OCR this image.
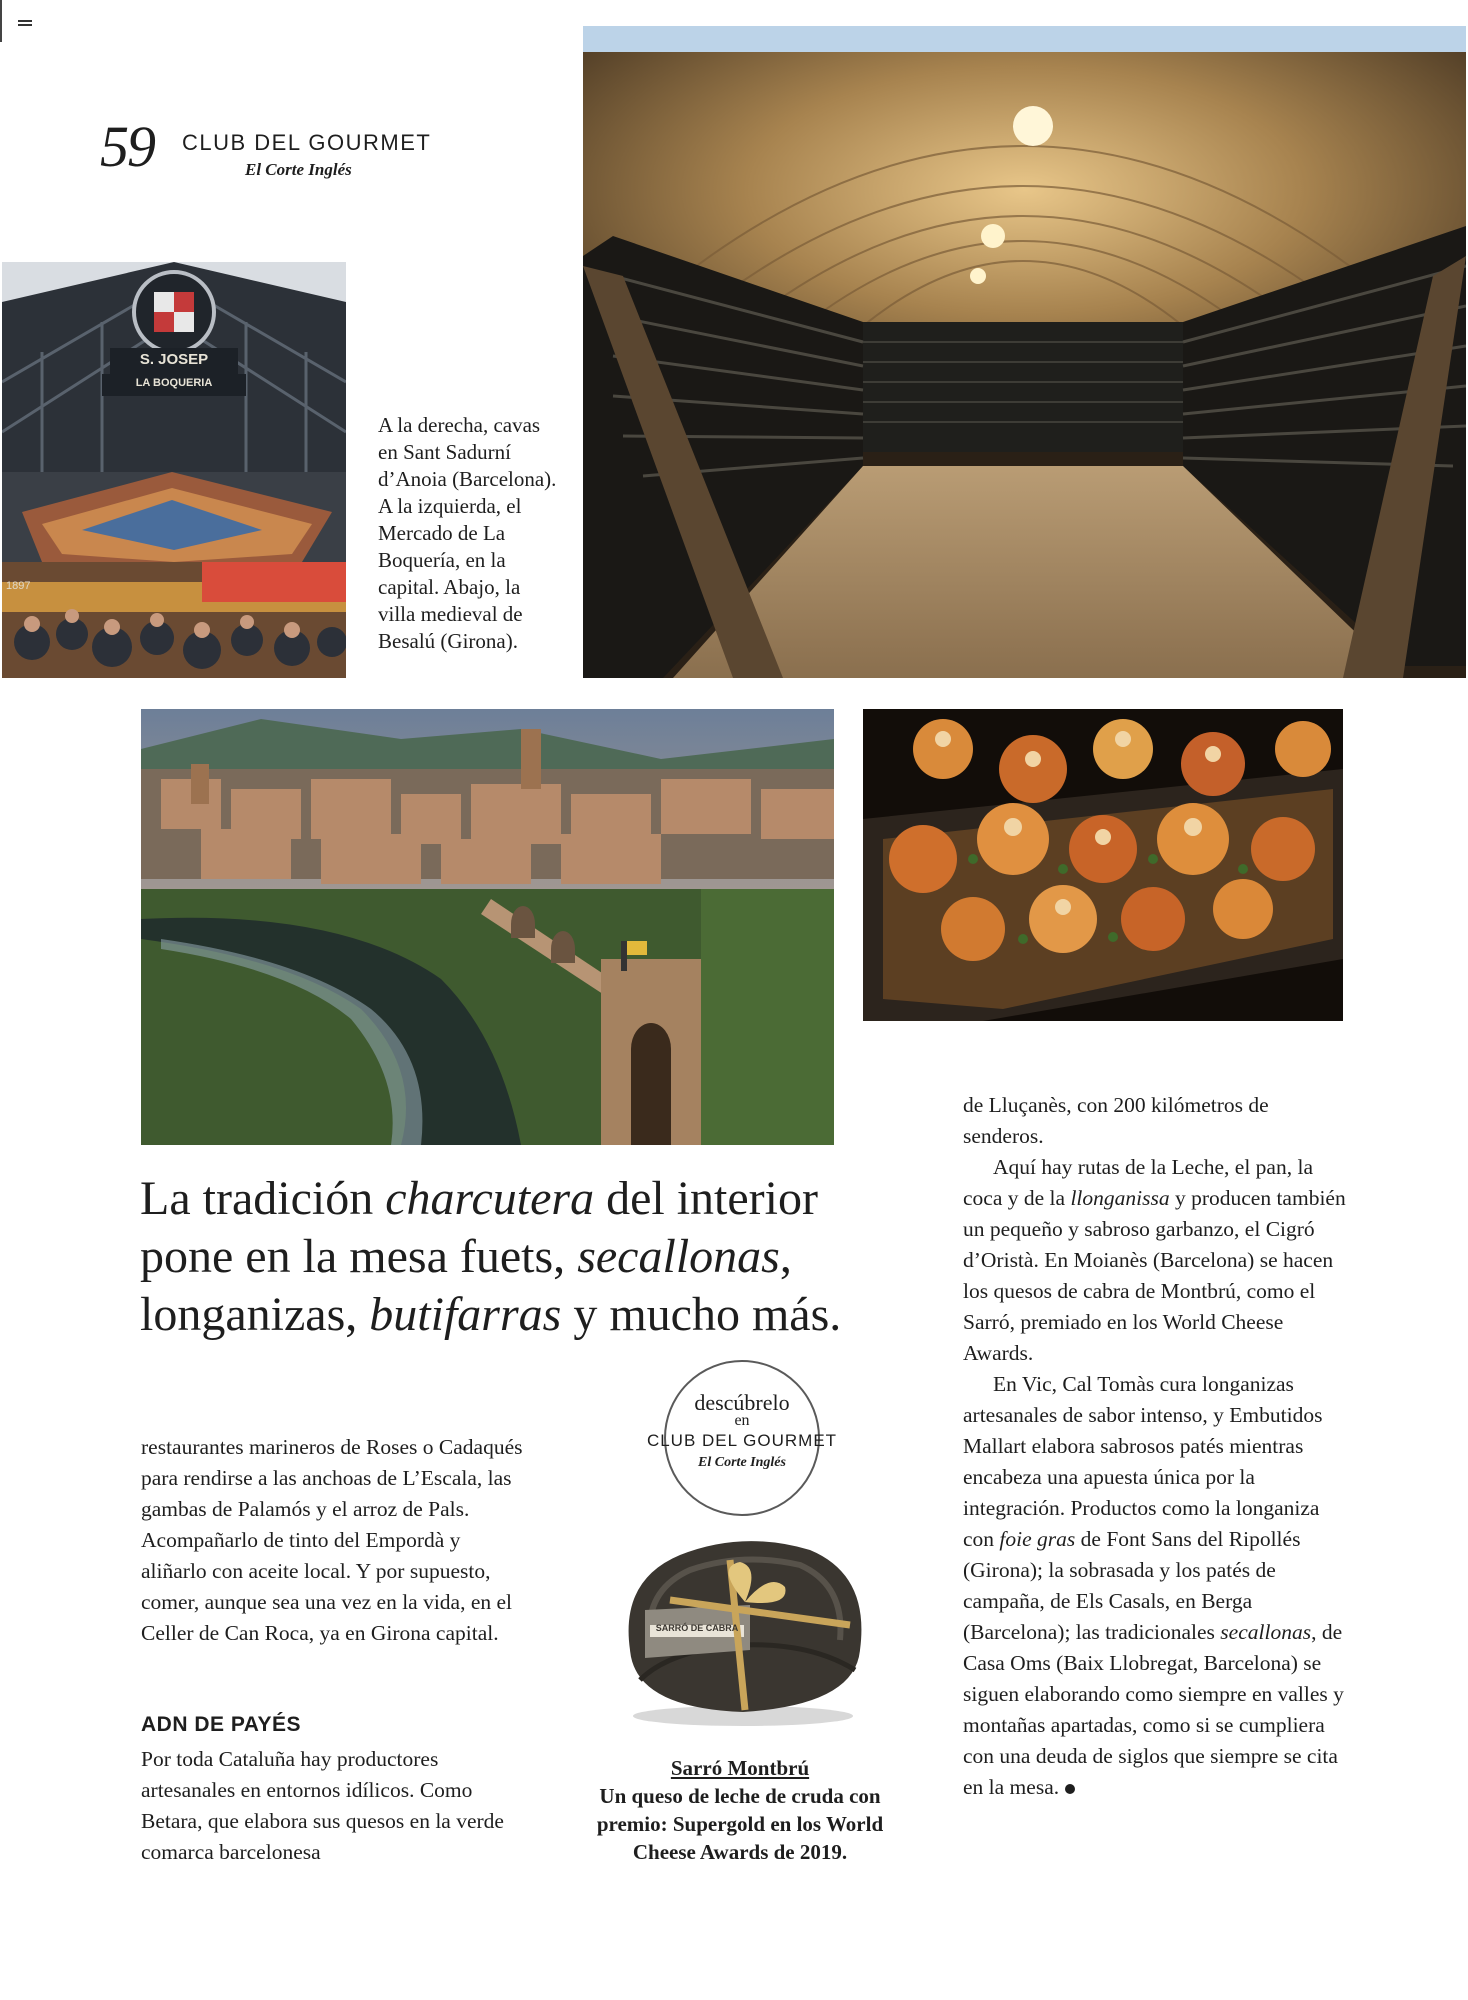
59 CLUB DEL GOURMET
El Corte Inglés
S. JOSEP
LA BOQUERIA
1897
A la derecha, cavas en Sant Sadurní d’Anoia (Barcelona). A la izquierda, el Mercado de La Boquería, en la capital. Abajo, la villa medieval de Besalú (Girona).
La tradición charcutera del interior pone en la mesa fuets, secallonas, longanizas, butifarras y mucho más.

restaurantes marineros de Roses o Cadaqués para rendirse a las anchoas de L’Escala, las gambas de Palamós y el arroz de Pals. Acompañarlo de tinto del Empordà y aliñarlo con aceite local. Y por supuesto, comer, aunque sea una vez en la vida, en el Celler de Can Roca, ya en Girona capital.

ADN DE PAYÉS

Por toda Cataluña hay productores artesanales en entornos idílicos. Como Betara, que elabora sus quesos en la verde comarca barcelonesa

descúbrelo
en
CLUB DEL GOURMET
El Corte Inglés
SARRÓ DE CABRA
Sarró Montbrú
Un queso de leche de cruda con premio: Supergold en los World Cheese Awards de 2019.

de Lluçanès, con 200 kilómetros de senderos.

Aquí hay rutas de la Leche, el pan, la coca y de la llonganissa y producen también un pequeño y sabroso garbanzo, el Cigró d’Oristà. En Moianès (Barcelona) se hacen los quesos de cabra de Montbrú, como el Sarró, premiado en los World Cheese Awards.

En Vic, Cal Tomàs cura longanizas artesanales de sabor intenso, y Embutidos Mallart elabora sabrosos patés mientras encabeza una apuesta única por la integración. Productos como la longaniza con foie gras de Font Sans del Ripollés (Girona); la sobrasada y los patés de campaña, de Els Casals, en Berga (Barcelona); las tradicionales secallonas, de Casa Oms (Baix Llobregat, Barcelona) se siguen elaborando como siempre en valles y montañas apartadas, como si se cumpliera con una deuda de siglos que siempre se cita en la mesa.
